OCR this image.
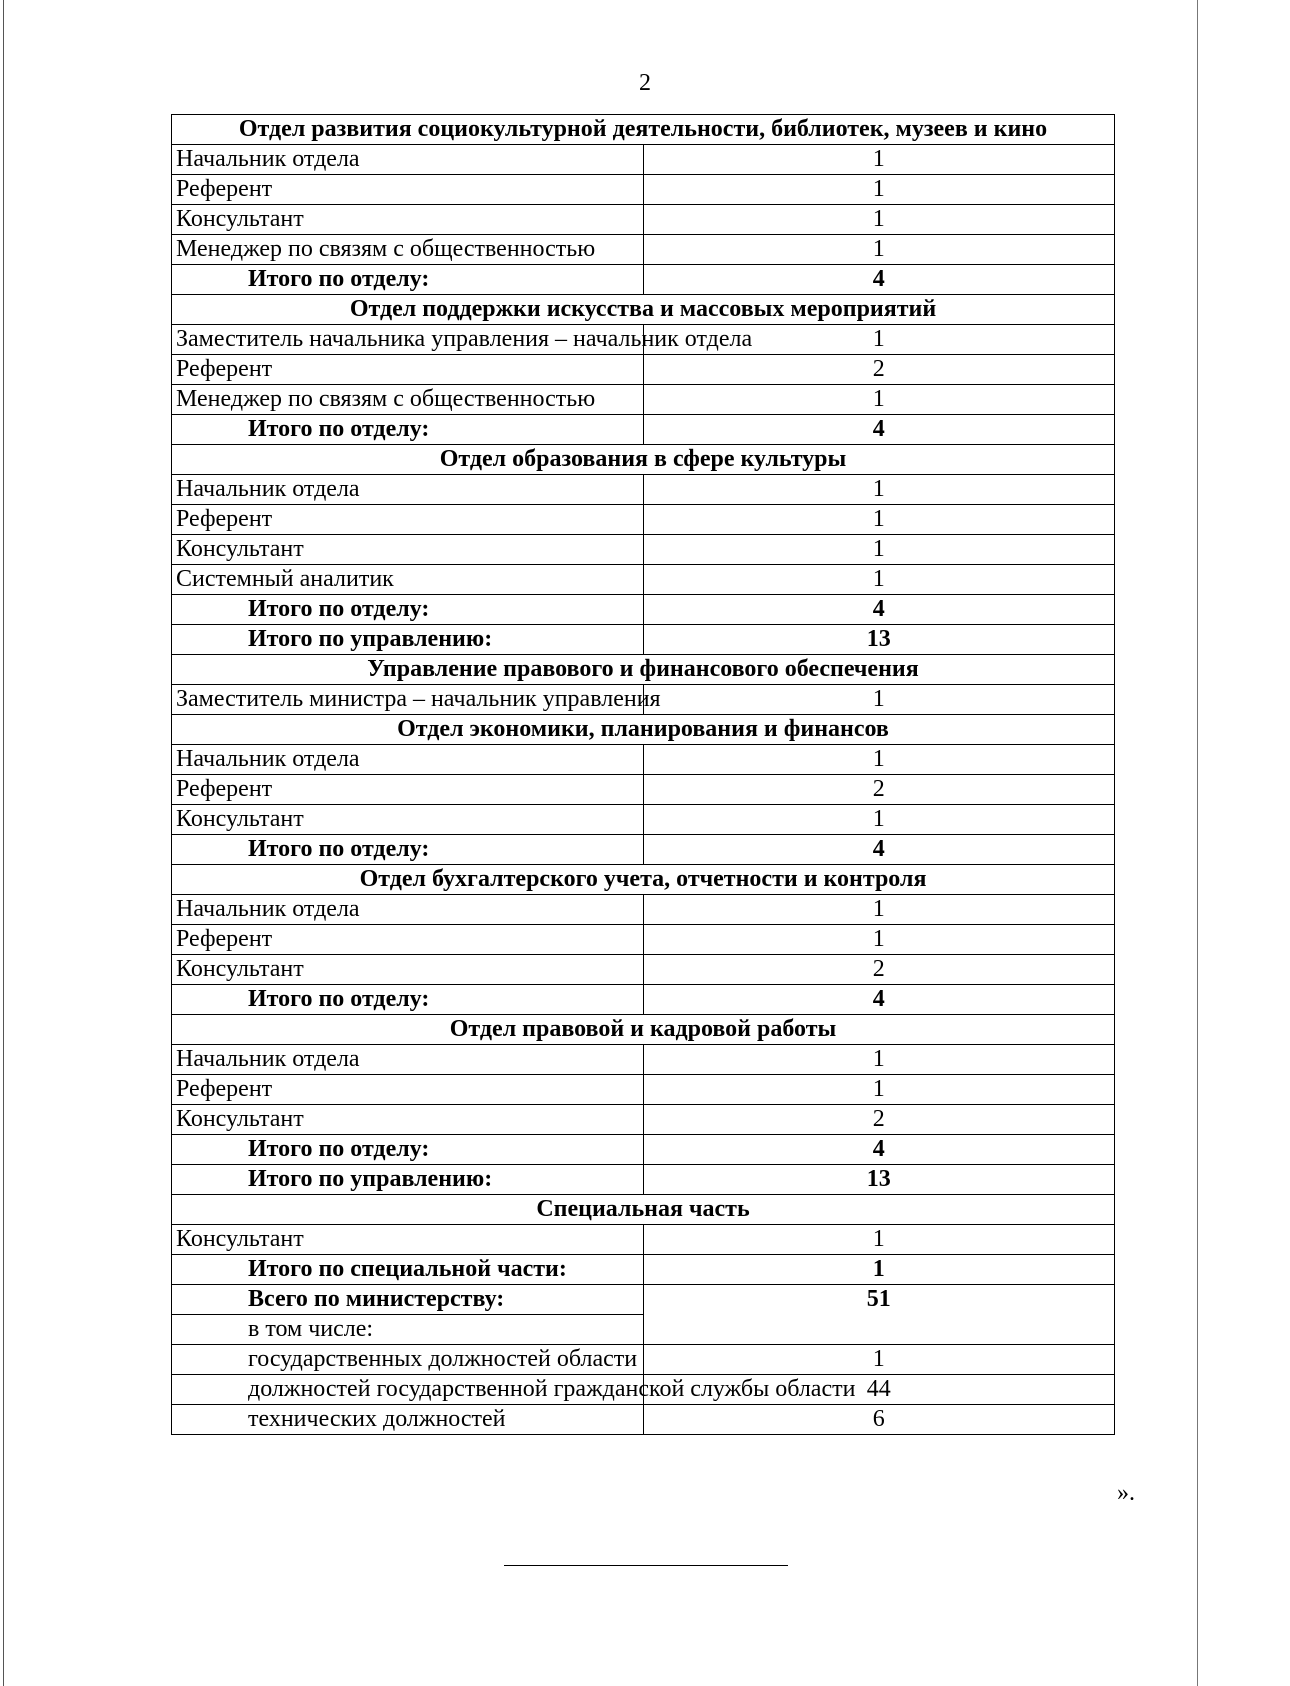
2
Отдел развития социокультурной деятельности, библиотек, музеев и кино	
Начальник отдела	1
Референт	1
Консультант	1
Менеджер по связям с общественностью	1
Итого по отделу:	4
Отдел поддержки искусства и массовых мероприятий	
Заместитель начальника управления – начальник отдела	1
Референт	2
Менеджер по связям с общественностью	1
Итого по отделу:	4
Отдел образования в сфере культуры	
Начальник отдела	1
Референт	1
Консультант	1
Системный аналитик	1
Итого по отделу:	4
Итого по управлению:	13
Управление правового и финансового обеспечения	
Заместитель министра – начальник управления	1
Отдел экономики, планирования и финансов	
Начальник отдела	1
Референт	2
Консультант	1
Итого по отделу:	4
Отдел бухгалтерского учета, отчетности и контроля	
Начальник отдела	1
Референт	1
Консультант	2
Итого по отделу:	4
Отдел правовой и кадровой работы	
Начальник отдела	1
Референт	1
Консультант	2
Итого по отделу:	4
Итого по управлению:	13
Специальная часть	
Консультант	1
Итого по специальной части:	1
Всего по министерству:	51
в том числе:	
государственных должностей области	1
должностей государственной гражданской службы области	44
технических должностей	6
».
